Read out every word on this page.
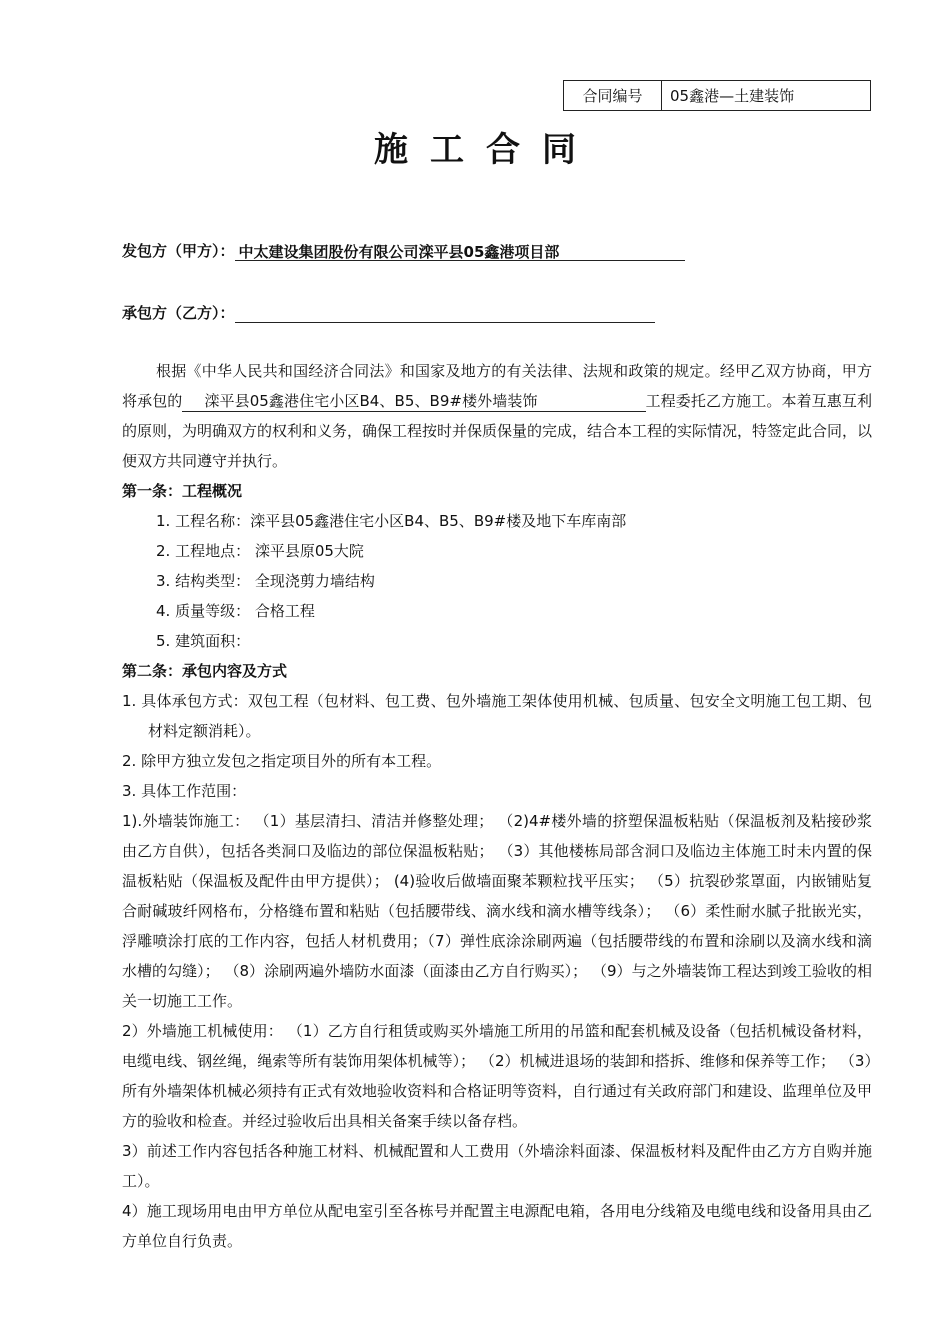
合同编号	05鑫港—土建装饰
施工合同
发包方（甲方）： 中太建设集团股份有限公司滦平县05鑫港项目部
承包方（乙方）：

根据《中华人民共和国经济合同法》和国家及地方的有关法律、法规和政策的规定。经甲乙双方协商，甲方将承包的 滦平县05鑫港住宅小区B4、B5、B9#楼外墙装饰	工程委托乙方施工。本着互惠互利的原则，为明确双方的权利和义务，确保工程按时并保质保量的完成，结合本工程的实际情况，特签定此合同，以便双方共同遵守并执行。

第一条：工程概况

1. 工程名称：滦平县05鑫港住宅小区B4、B5、B9#楼及地下车库南部

2. 工程地点： 滦平县原05大院

3. 结构类型： 全现浇剪力墙结构

4. 质量等级： 合格工程

5. 建筑面积：

第二条：承包内容及方式

1. 具体承包方式：双包工程（包材料、包工费、包外墙施工架体使用机械、包质量、包安全文明施工包工期、包材料定额消耗）。

2. 除甲方独立发包之指定项目外的所有本工程。

3. 具体工作范围：

1).外墙装饰施工： （1）基层清扫、清洁并修整处理； （2)4#楼外墙的挤塑保温板粘贴（保温板剂及粘接砂浆由乙方自供），包括各类洞口及临边的部位保温板粘贴； （3）其他楼栋局部含洞口及临边主体施工时未内置的保温板粘贴（保温板及配件由甲方提供）； (4)验收后做墙面聚苯颗粒找平压实； （5）抗裂砂浆罩面，内嵌铺贴复合耐碱玻纤网格布，分格缝布置和粘贴（包括腰带线、滴水线和滴水槽等线条）； （6）柔性耐水腻子批嵌光实，浮雕喷涂打底的工作内容，包括人材机费用；（7）弹性底涂涂刷两遍（包括腰带线的布置和涂刷以及滴水线和滴水槽的勾缝）； （8）涂刷两遍外墙防水面漆（面漆由乙方自行购买）； （9）与之外墙装饰工程达到竣工验收的相关一切施工工作。

2）外墙施工机械使用： （1）乙方自行租赁或购买外墙施工所用的吊篮和配套机械及设备（包括机械设备材料，电缆电线、钢丝绳，绳索等所有装饰用架体机械等）； （2）机械进退场的装卸和搭拆、维修和保养等工作； （3）所有外墙架体机械必须持有正式有效地验收资料和合格证明等资料，自行通过有关政府部门和建设、监理单位及甲方的验收和检查。并经过验收后出具相关备案手续以备存档。

3）前述工作内容包括各种施工材料、机械配置和人工费用（外墙涂料面漆、保温板材料及配件由乙方方自购并施工）。

4）施工现场用电由甲方单位从配电室引至各栋号并配置主电源配电箱，各用电分线箱及电缆电线和设备用具由乙方单位自行负责。
